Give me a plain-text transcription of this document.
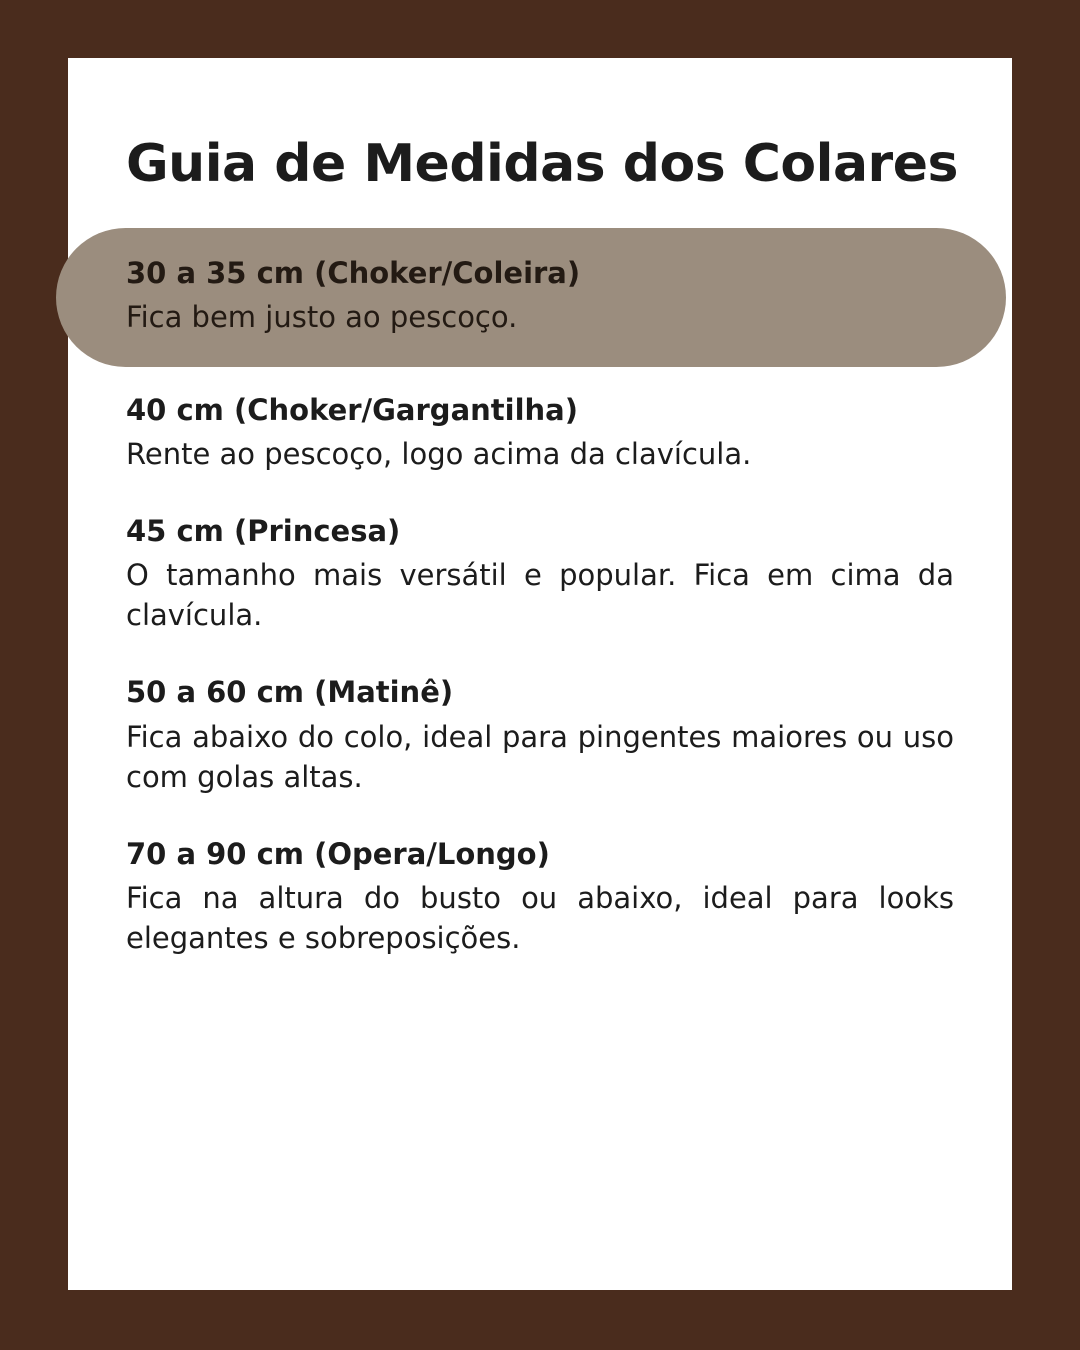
Guia de Medidas dos Colares
30 a 35 cm (Choker/Coleira)
Fica bem justo ao pescoço.
40 cm (Choker/Gargantilha)
Rente ao pescoço, logo acima da clavícula.
45 cm (Princesa)
O tamanho mais versátil e popular. Fica em cima da clavícula.
50 a 60 cm (Matinê)
Fica abaixo do colo, ideal para pingentes maiores ou uso com golas altas.
70 a 90 cm (Opera/Longo)
Fica na altura do busto ou abaixo, ideal para looks elegantes e sobreposições.
